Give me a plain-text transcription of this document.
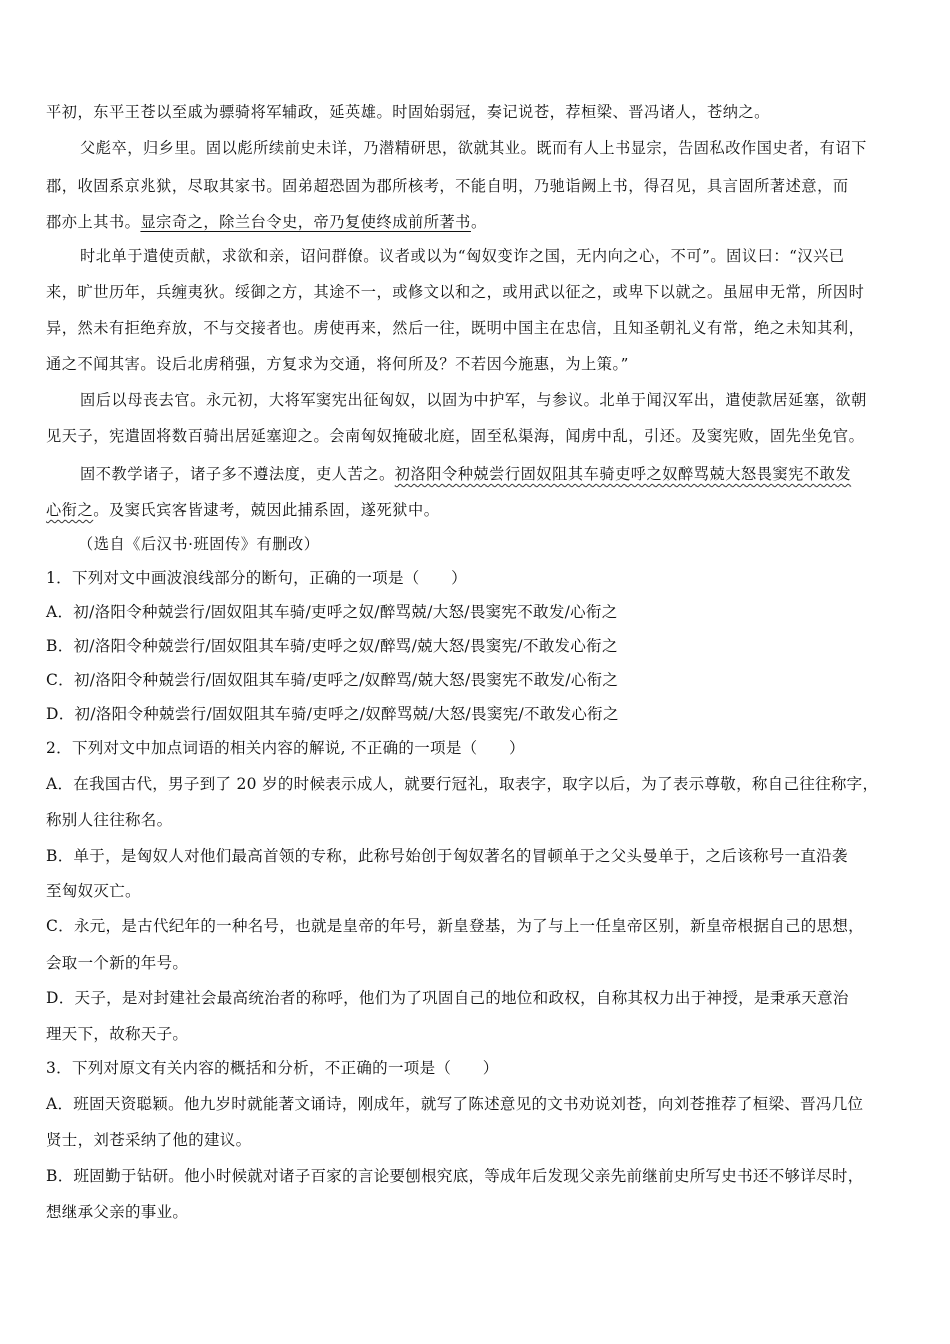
平初，东平王苍以至戚为骠骑将军辅政，延英雄。时固始弱冠，奏记说苍，荐桓梁、晋冯诸人，苍纳之。
父彪卒，归乡里。固以彪所续前史未详，乃潜精研思，欲就其业。既而有人上书显宗，告固私改作国史者，有诏下
郡，收固系京兆狱，尽取其家书。固弟超恐固为郡所核考，不能自明，乃驰诣阙上书，得召见，具言固所著述意，而
郡亦上其书。显宗奇之，除兰台令史，帝乃复使终成前所著书。
时北单于遣使贡献，求欲和亲，诏问群僚。议者或以为“匈奴变诈之国，无内向之心，不可”。固议曰：“汉兴已
来，旷世历年，兵缠夷狄。绥御之方，其途不一，或修文以和之，或用武以征之，或卑下以就之。虽屈申无常，所因时
异，然未有拒绝弃放，不与交接者也。虏使再来，然后一往，既明中国主在忠信，且知圣朝礼义有常，绝之未知其利，
通之不闻其害。设后北虏稍强，方复求为交通，将何所及？不若因今施惠，为上策。”
固后以母丧去官。永元初，大将军窦宪出征匈奴，以固为中护军，与参议。北单于闻汉军出，遣使款居延塞，欲朝
见天子，宪遣固将数百骑出居延塞迎之。会南匈奴掩破北庭，固至私渠海，闻虏中乱，引还。及窦宪败，固先坐免官。
固不教学诸子，诸子多不遵法度，吏人苦之。初洛阳令种兢尝行固奴阻其车骑吏呼之奴醉骂兢大怒畏窦宪不敢发
心衔之。及窦氏宾客皆逮考，兢因此捕系固，遂死狱中。
（选自《后汉书·班固传》有删改）
1．下列对文中画波浪线部分的断句，正确的一项是（　　）
A．初/洛阳令种兢尝行/固奴阻其车骑/吏呼之奴/醉骂兢/大怒/畏窦宪不敢发/心衔之
B．初/洛阳令种兢尝行/固奴阻其车骑/吏呼之奴/醉骂/兢大怒/畏窦宪/不敢发心衔之
C．初/洛阳令种兢尝行/固奴阻其车骑/吏呼之/奴醉骂/兢大怒/畏窦宪不敢发/心衔之
D．初/洛阳令种兢尝行/固奴阻其车骑/吏呼之/奴醉骂兢/大怒/畏窦宪/不敢发心衔之
2．下列对文中加点词语的相关内容的解说, 不正确的一项是（　　）
A．在我国古代，男子到了 20 岁的时候表示成人，就要行冠礼，取表字，取字以后，为了表示尊敬，称自己往往称字，
称别人往往称名。
B．单于，是匈奴人对他们最高首领的专称，此称号始创于匈奴著名的冒顿单于之父头曼单于，之后该称号一直沿袭
至匈奴灭亡。
C．永元，是古代纪年的一种名号，也就是皇帝的年号，新皇登基，为了与上一任皇帝区别，新皇帝根据自己的思想，
会取一个新的年号。
D．天子，是对封建社会最高统治者的称呼，他们为了巩固自己的地位和政权，自称其权力出于神授，是秉承天意治
理天下，故称天子。
3．下列对原文有关内容的概括和分析，不正确的一项是（　　）
A．班固天资聪颖。他九岁时就能著文诵诗，刚成年，就写了陈述意见的文书劝说刘苍，向刘苍推荐了桓梁、晋冯几位
贤士，刘苍采纳了他的建议。
B．班固勤于钻研。他小时候就对诸子百家的言论要刨根究底，等成年后发现父亲先前继前史所写史书还不够详尽时，
想继承父亲的事业。
